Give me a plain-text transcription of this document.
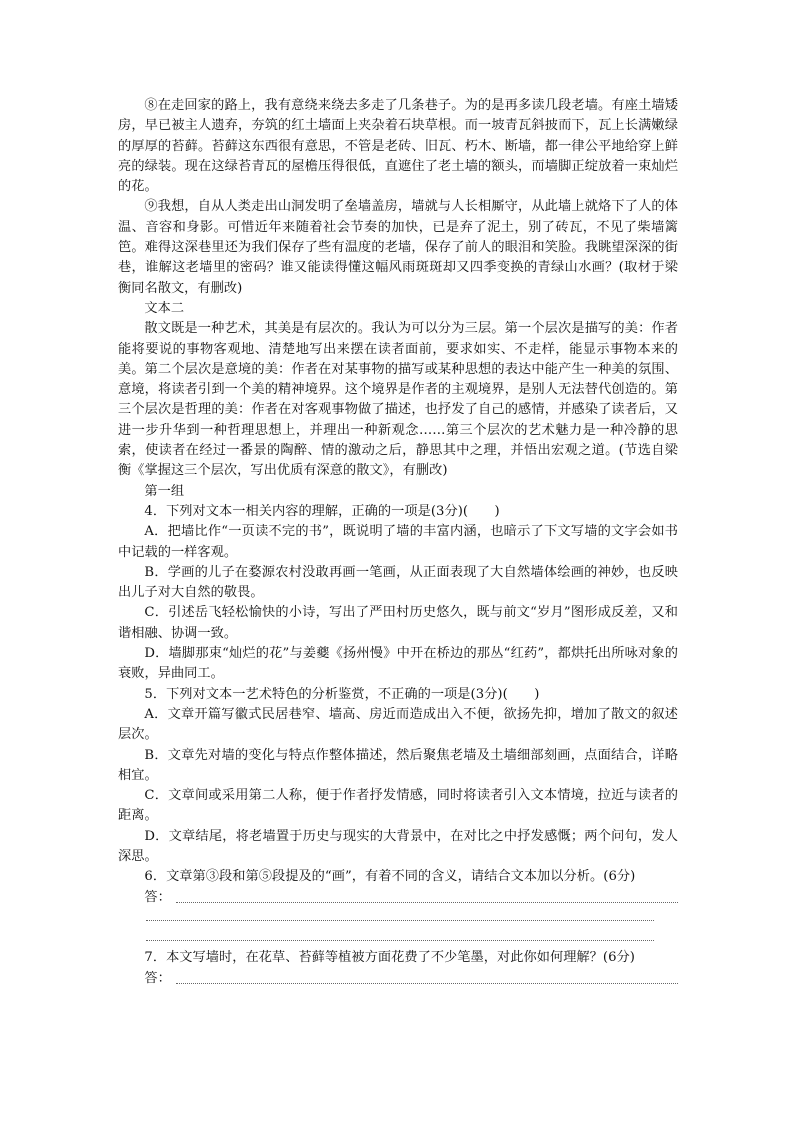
⑧在走回家的路上，我有意绕来绕去多走了几条巷子。为的是再多读几段老墙。有座土墙矮房，早已被主人遗弃，夯筑的红土墙面上夹杂着石块草根。而一坡青瓦斜披而下，瓦上长满嫩绿的厚厚的苔藓。苔藓这东西很有意思，不管是老砖、旧瓦、朽木、断墙，都一律公平地给穿上鲜亮的绿装。现在这绿苔青瓦的屋檐压得很低，直遮住了老土墙的额头，而墙脚正绽放着一束灿烂的花。

⑨我想，自从人类走出山洞发明了垒墙盖房，墙就与人长相厮守，从此墙上就烙下了人的体温、音容和身影。可惜近年来随着社会节奏的加快，已是弃了泥土，别了砖瓦，不见了柴墙篱笆。难得这深巷里还为我们保存了些有温度的老墙，保存了前人的眼泪和笑脸。我眺望深深的街巷，谁解这老墙里的密码？谁又能读得懂这幅风雨斑斑却又四季变换的青绿山水画？(取材于梁衡同名散文，有删改)

文本二

散文既是一种艺术，其美是有层次的。我认为可以分为三层。第一个层次是描写的美：作者能将要说的事物客观地、清楚地写出来摆在读者面前，要求如实、不走样，能显示事物本来的美。第二个层次是意境的美：作者在对某事物的描写或某种思想的表达中能产生一种美的氛围、意境，将读者引到一个美的精神境界。这个境界是作者的主观境界，是别人无法替代创造的。第三个层次是哲理的美：作者在对客观事物做了描述，也抒发了自己的感情，并感染了读者后，又进一步升华到一种哲理思想上，并理出一种新观念……第三个层次的艺术魅力是一种冷静的思索，使读者在经过一番景的陶醉、情的激动之后，静思其中之理，并悟出宏观之道。(节选自梁衡《掌握这三个层次，写出优质有深意的散文》，有删改)

第一组

4．下列对文本一相关内容的理解，正确的一项是(3分)(　　)

A．把墙比作“一页读不完的书”，既说明了墙的丰富内涵，也暗示了下文写墙的文字会如书中记载的一样客观。

B．学画的儿子在婺源农村没敢再画一笔画，从正面表现了大自然墙体绘画的神妙，也反映出儿子对大自然的敬畏。

C．引述岳飞轻松愉快的小诗，写出了严田村历史悠久，既与前文“岁月”图形成反差，又和谐相融、协调一致。

D．墙脚那束“灿烂的花”与姜夔《扬州慢》中开在桥边的那丛“红药”，都烘托出所咏对象的衰败，异曲同工。

5．下列对文本一艺术特色的分析鉴赏，不正确的一项是(3分)(　　)

A．文章开篇写徽式民居巷窄、墙高、房近而造成出入不便，欲扬先抑，增加了散文的叙述层次。

B．文章先对墙的变化与特点作整体描述，然后聚焦老墙及土墙细部刻画，点面结合，详略相宜。

C．文章间或采用第二人称，便于作者抒发情感，同时将读者引入文本情境，拉近与读者的距离。

D．文章结尾，将老墙置于历史与现实的大背景中，在对比之中抒发感慨；两个问句，发人深思。

6．文章第③段和第⑤段提及的“画”，有着不同的含义，请结合文本加以分析。(6分)

答：

7．本文写墙时，在花草、苔藓等植被方面花费了不少笔墨，对此你如何理解？(6分)

答：
